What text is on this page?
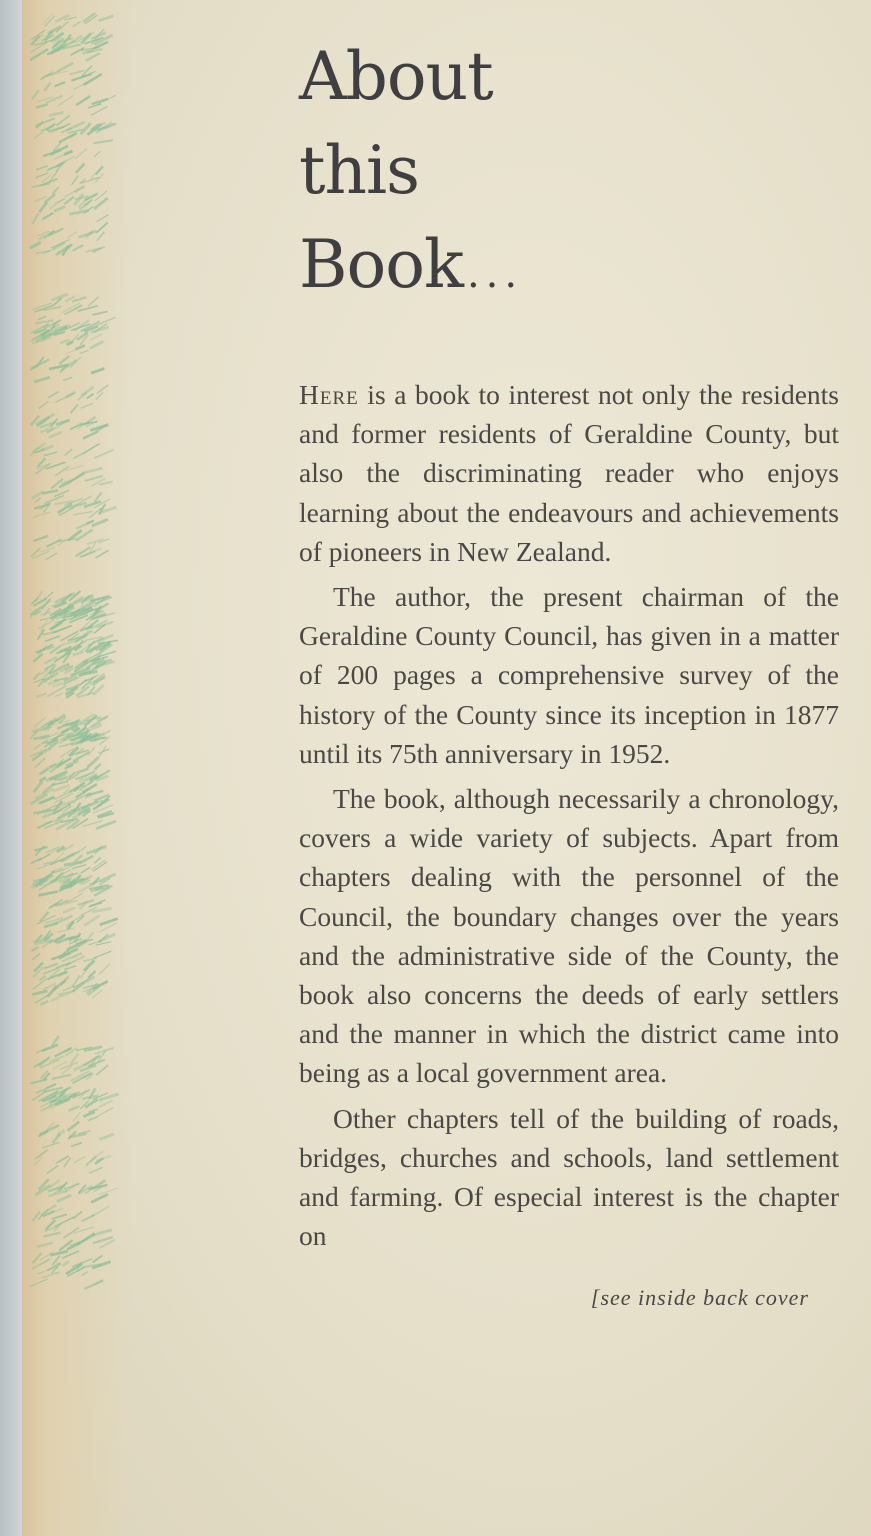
About
this
Book ...

Here is a book to interest not only the residents and former residents of Geraldine County, but also the discriminating reader who enjoys learning about the endeavours and achievements of pioneers in New Zealand.

The author, the present chairman of the Geraldine County Council, has given in a matter of 200 pages a comprehensive survey of the history of the County since its inception in 1877 until its 75th anniversary in 1952.

The book, although necessarily a chronology, covers a wide variety of subjects. Apart from chapters dealing with the personnel of the Council, the boundary changes over the years and the administrative side of the County, the book also concerns the deeds of early settlers and the manner in which the district came into being as a local government area.

Other chapters tell of the building of roads, bridges, churches and schools, land settlement and farming. Of especial interest is the chapter on

[see inside back cover
